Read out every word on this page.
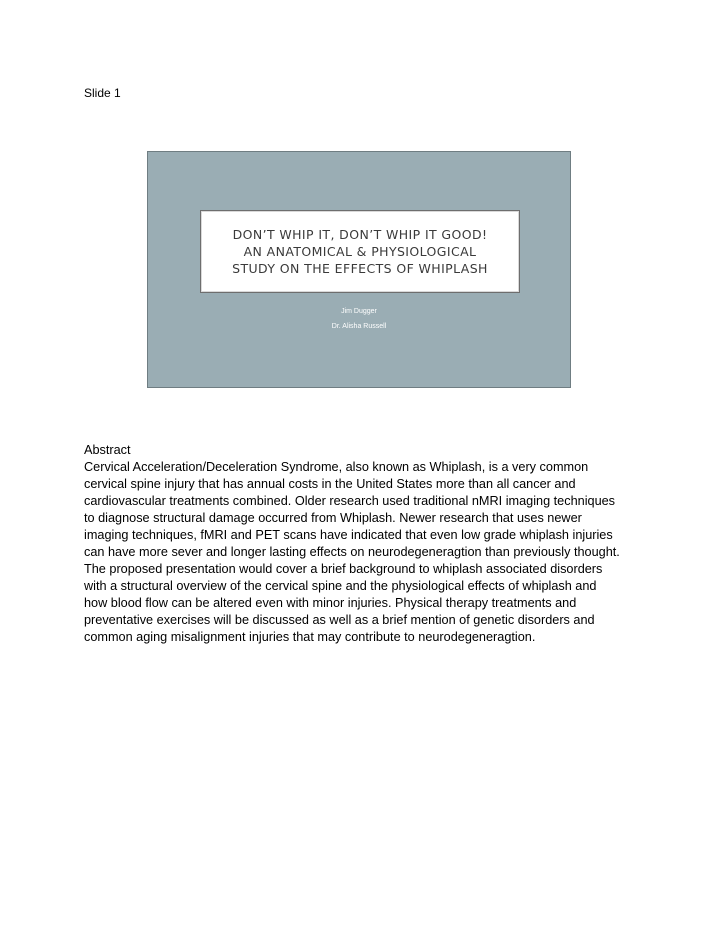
Slide 1
DON’T WHIP IT, DON’T WHIP IT GOOD!
AN ANATOMICAL & PHYSIOLOGICAL
STUDY ON THE EFFECTS OF WHIPLASH
Jim Dugger
Dr. Alisha Russell
Abstract
Cervical Acceleration/Deceleration Syndrome, also known as Whiplash, is a very common
cervical spine injury that has annual costs in the United States more than all cancer and
cardiovascular treatments combined. Older research used traditional nMRI imaging techniques
to diagnose structural damage occurred from Whiplash. Newer research that uses newer
imaging techniques, fMRI and PET scans have indicated that even low grade whiplash injuries
can have more sever and longer lasting effects on neurodegeneragtion than previously thought.
The proposed presentation would cover a brief background to whiplash associated disorders
with a structural overview of the cervical spine and the physiological effects of whiplash and
how blood flow can be altered even with minor injuries. Physical therapy treatments and
preventative exercises will be discussed as well as a brief mention of genetic disorders and
common aging misalignment injuries that may contribute to neurodegeneragtion.
